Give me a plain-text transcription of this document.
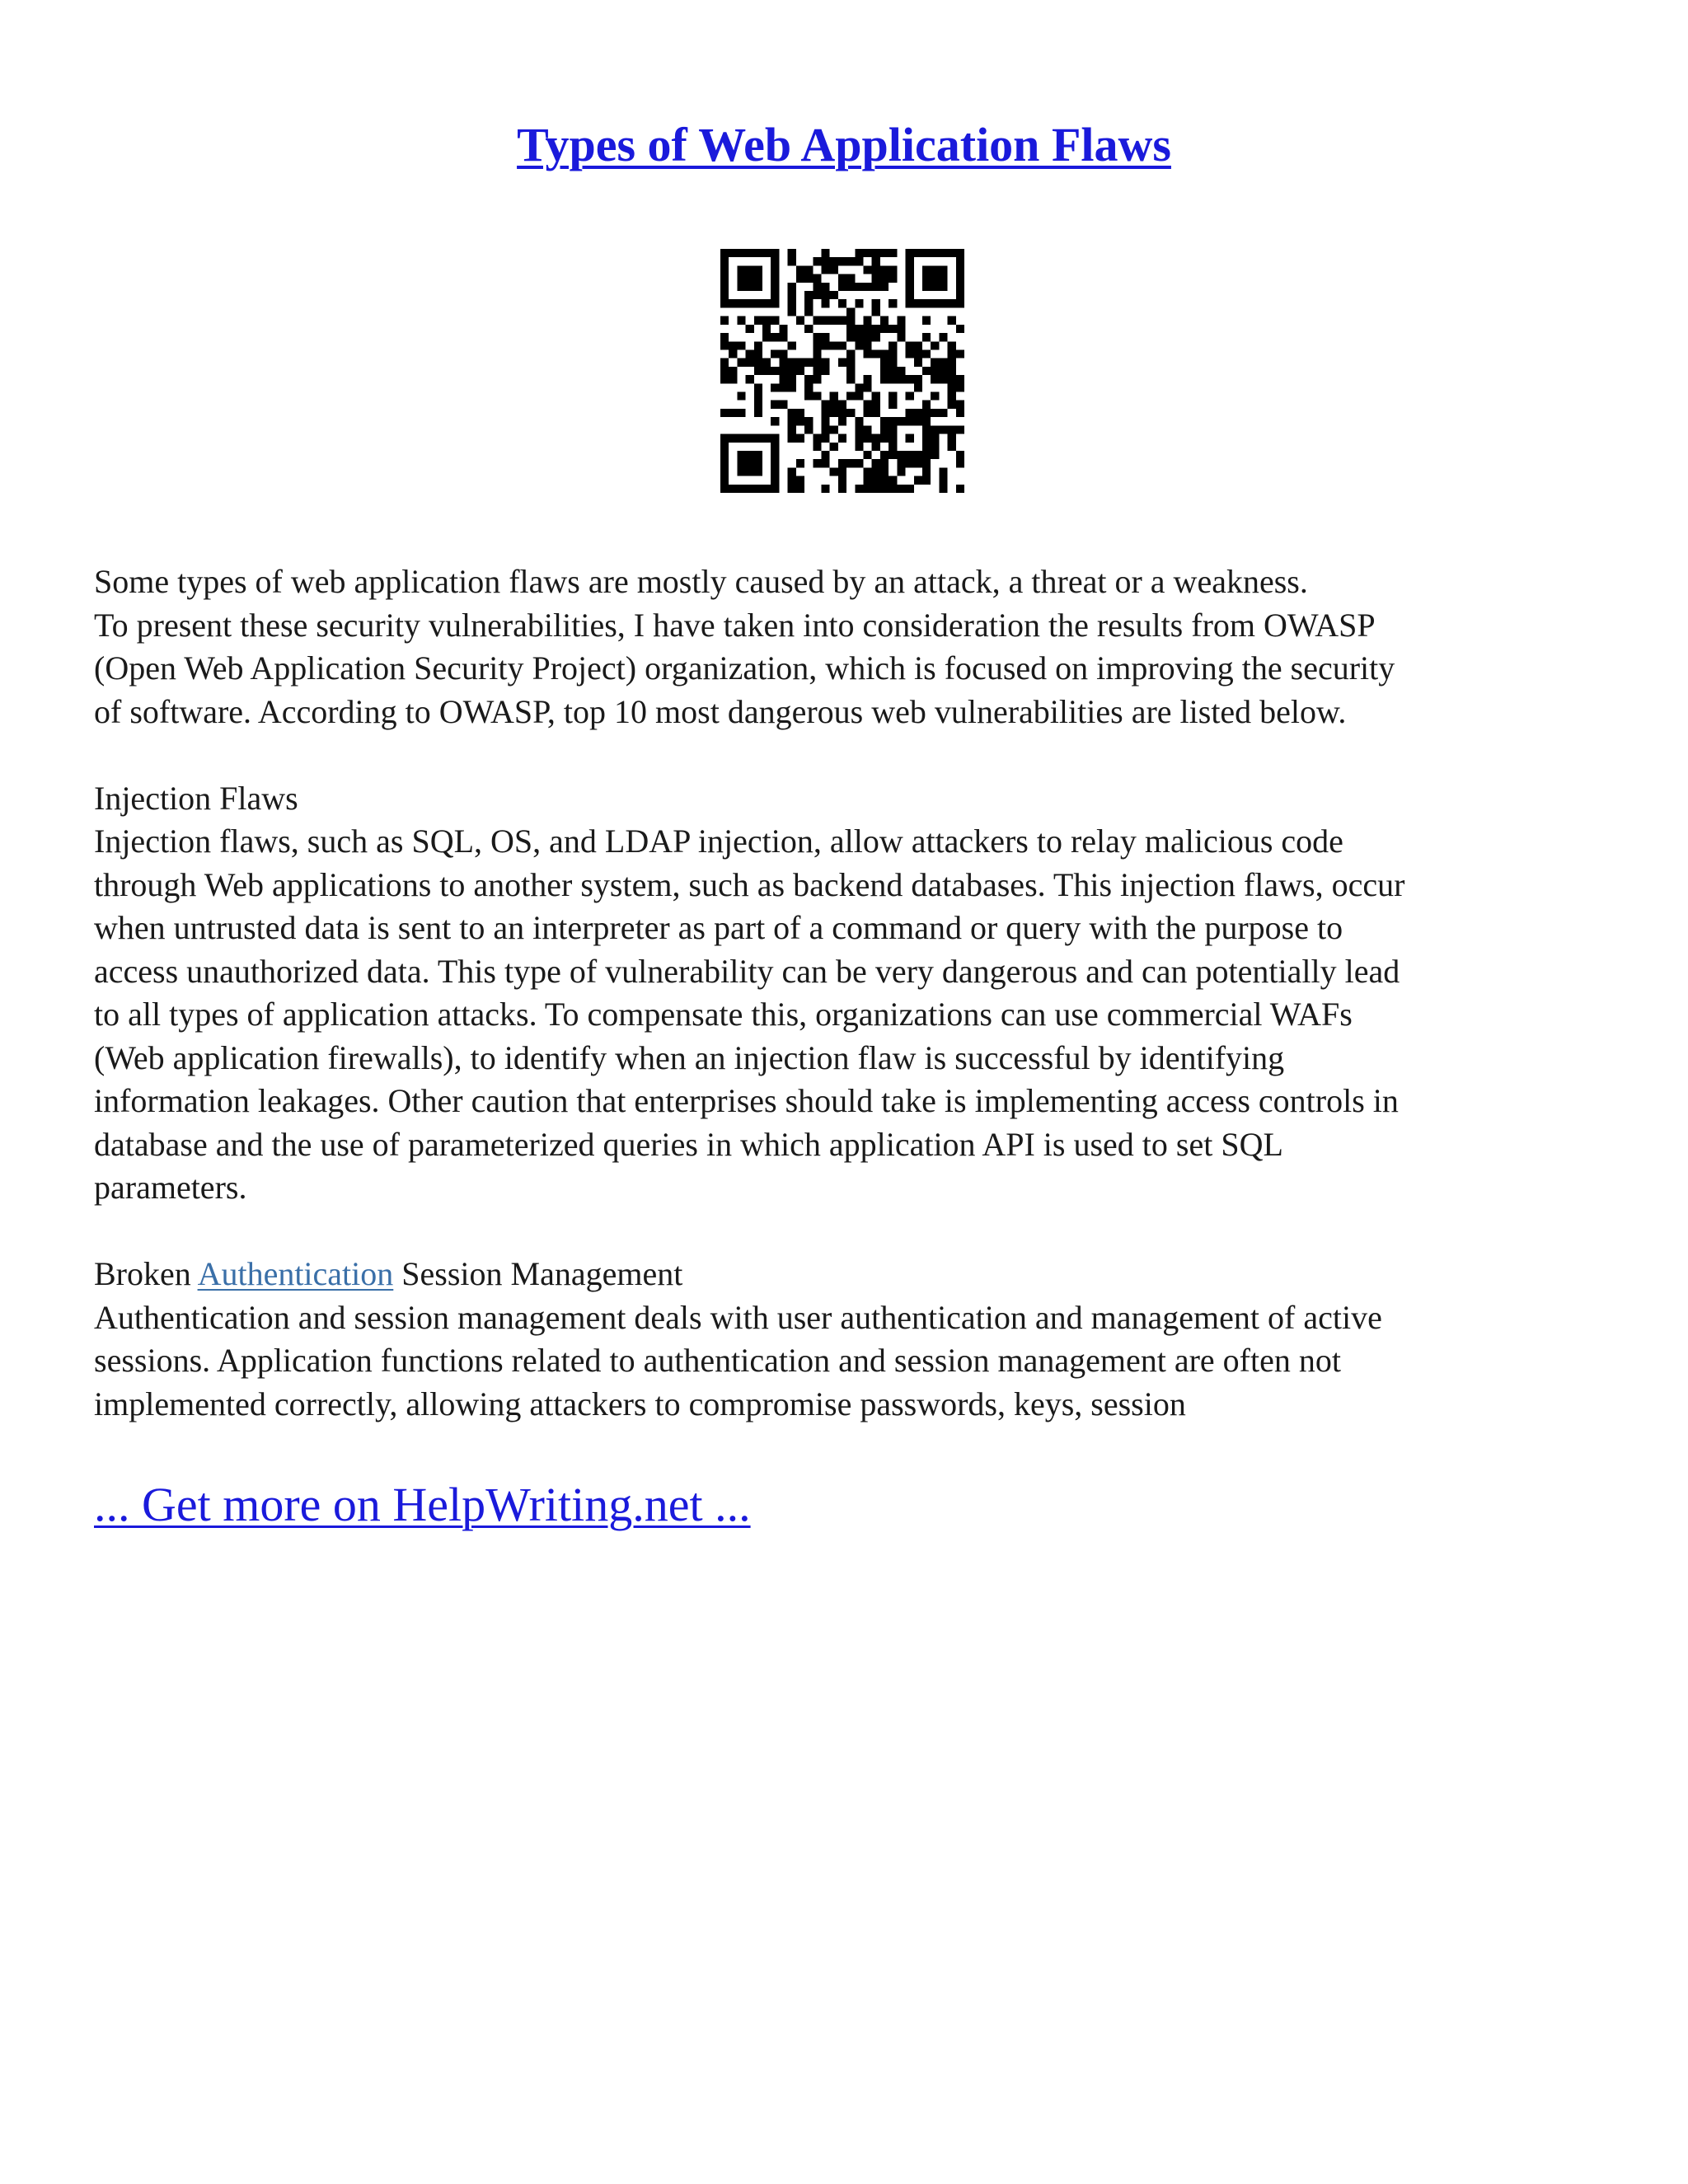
Types of Web Application Flaws

Some types of web application flaws are mostly caused by an attack, a threat or a weakness.

To present these security vulnerabilities, I have taken into consideration the results from OWASP

(Open Web Application Security Project) organization, which is focused on improving the security

of software. According to OWASP, top 10 most dangerous web vulnerabilities are listed below.

Injection Flaws

Injection flaws, such as SQL, OS, and LDAP injection, allow attackers to relay malicious code

through Web applications to another system, such as backend databases. This injection flaws, occur

when untrusted data is sent to an interpreter as part of a command or query with the purpose to

access unauthorized data. This type of vulnerability can be very dangerous and can potentially lead

to all types of application attacks. To compensate this, organizations can use commercial WAFs

(Web application firewalls), to identify when an injection flaw is successful by identifying

information leakages. Other caution that enterprises should take is implementing access controls in

database and the use of parameterized queries in which application API is used to set SQL

parameters.

Broken Authentication Session Management

Authentication and session management deals with user authentication and management of active

sessions. Application functions related to authentication and session management are often not

implemented correctly, allowing attackers to compromise passwords, keys, session

... Get more on HelpWriting.net ...
